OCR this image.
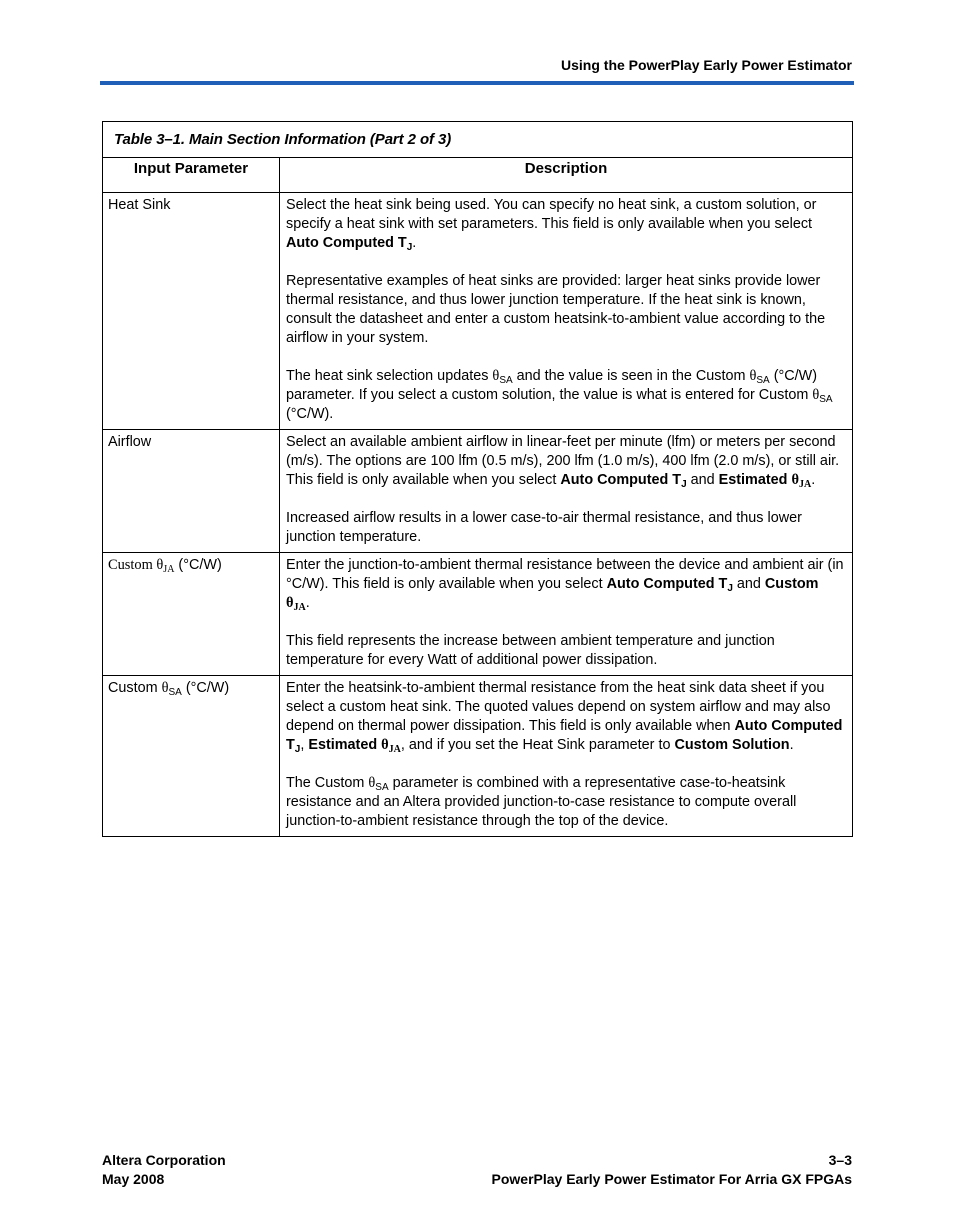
Using the PowerPlay Early Power Estimator
Table 3–1. Main Section Information (Part 2 of 3)	
Input Parameter	Description
Heat Sink	Select the heat sink being used. You can specify no heat sink, a custom solution, or specify a heat sink with set parameters. This field is only available when you select Auto Computed $T_J$.
Representative examples of heat sinks are provided: larger heat sinks provide lower thermal resistance, and thus lower junction temperature. If the heat sink is known, consult the datasheet and enter a custom heatsink-to-ambient value according to the airflow in your system.
The heat sink selection updates $\theta_{SA}$ and the value is seen in the Custom $\theta_{SA}$ (°C/W) parameter. If you select a custom solution, the value is what is entered for Custom $\theta_{SA}$ (°C/W).

Airflow	Select an available ambient airflow in linear-feet per minute (lfm) or meters per second (m/s). The options are 100 lfm (0.5 m/s), 200 lfm (1.0 m/s), 400 lfm (2.0 m/s), or still air. This field is only available when you select Auto Computed $T_J$ and Estimated $\theta_{JA}$.
Increased airflow results in a lower case-to-air thermal resistance, and thus lower junction temperature.

Custom $\theta_{JA}$ (°C/W)	Enter the junction-to-ambient thermal resistance between the device and ambient air (in °C/W). This field is only available when you select Auto Computed $T_J$ and Custom $\theta_{JA}$.
This field represents the increase between ambient temperature and junction temperature for every Watt of additional power dissipation.

Custom $\theta_{SA}$ (°C/W)	Enter the heatsink-to-ambient thermal resistance from the heat sink data sheet if you select a custom heat sink. The quoted values depend on system airflow and may also depend on thermal power dissipation. This field is only available when Auto Computed $T_J$, Estimated $\theta_{JA}$, and if you set the Heat Sink parameter to Custom Solution.
The Custom $\theta_{SA}$ parameter is combined with a representative case-to-heatsink resistance and an Altera provided junction-to-case resistance to compute overall junction-to-ambient resistance through the top of the device.
Altera Corporation
May 2008
3–3
PowerPlay Early Power Estimator For Arria GX FPGAs
